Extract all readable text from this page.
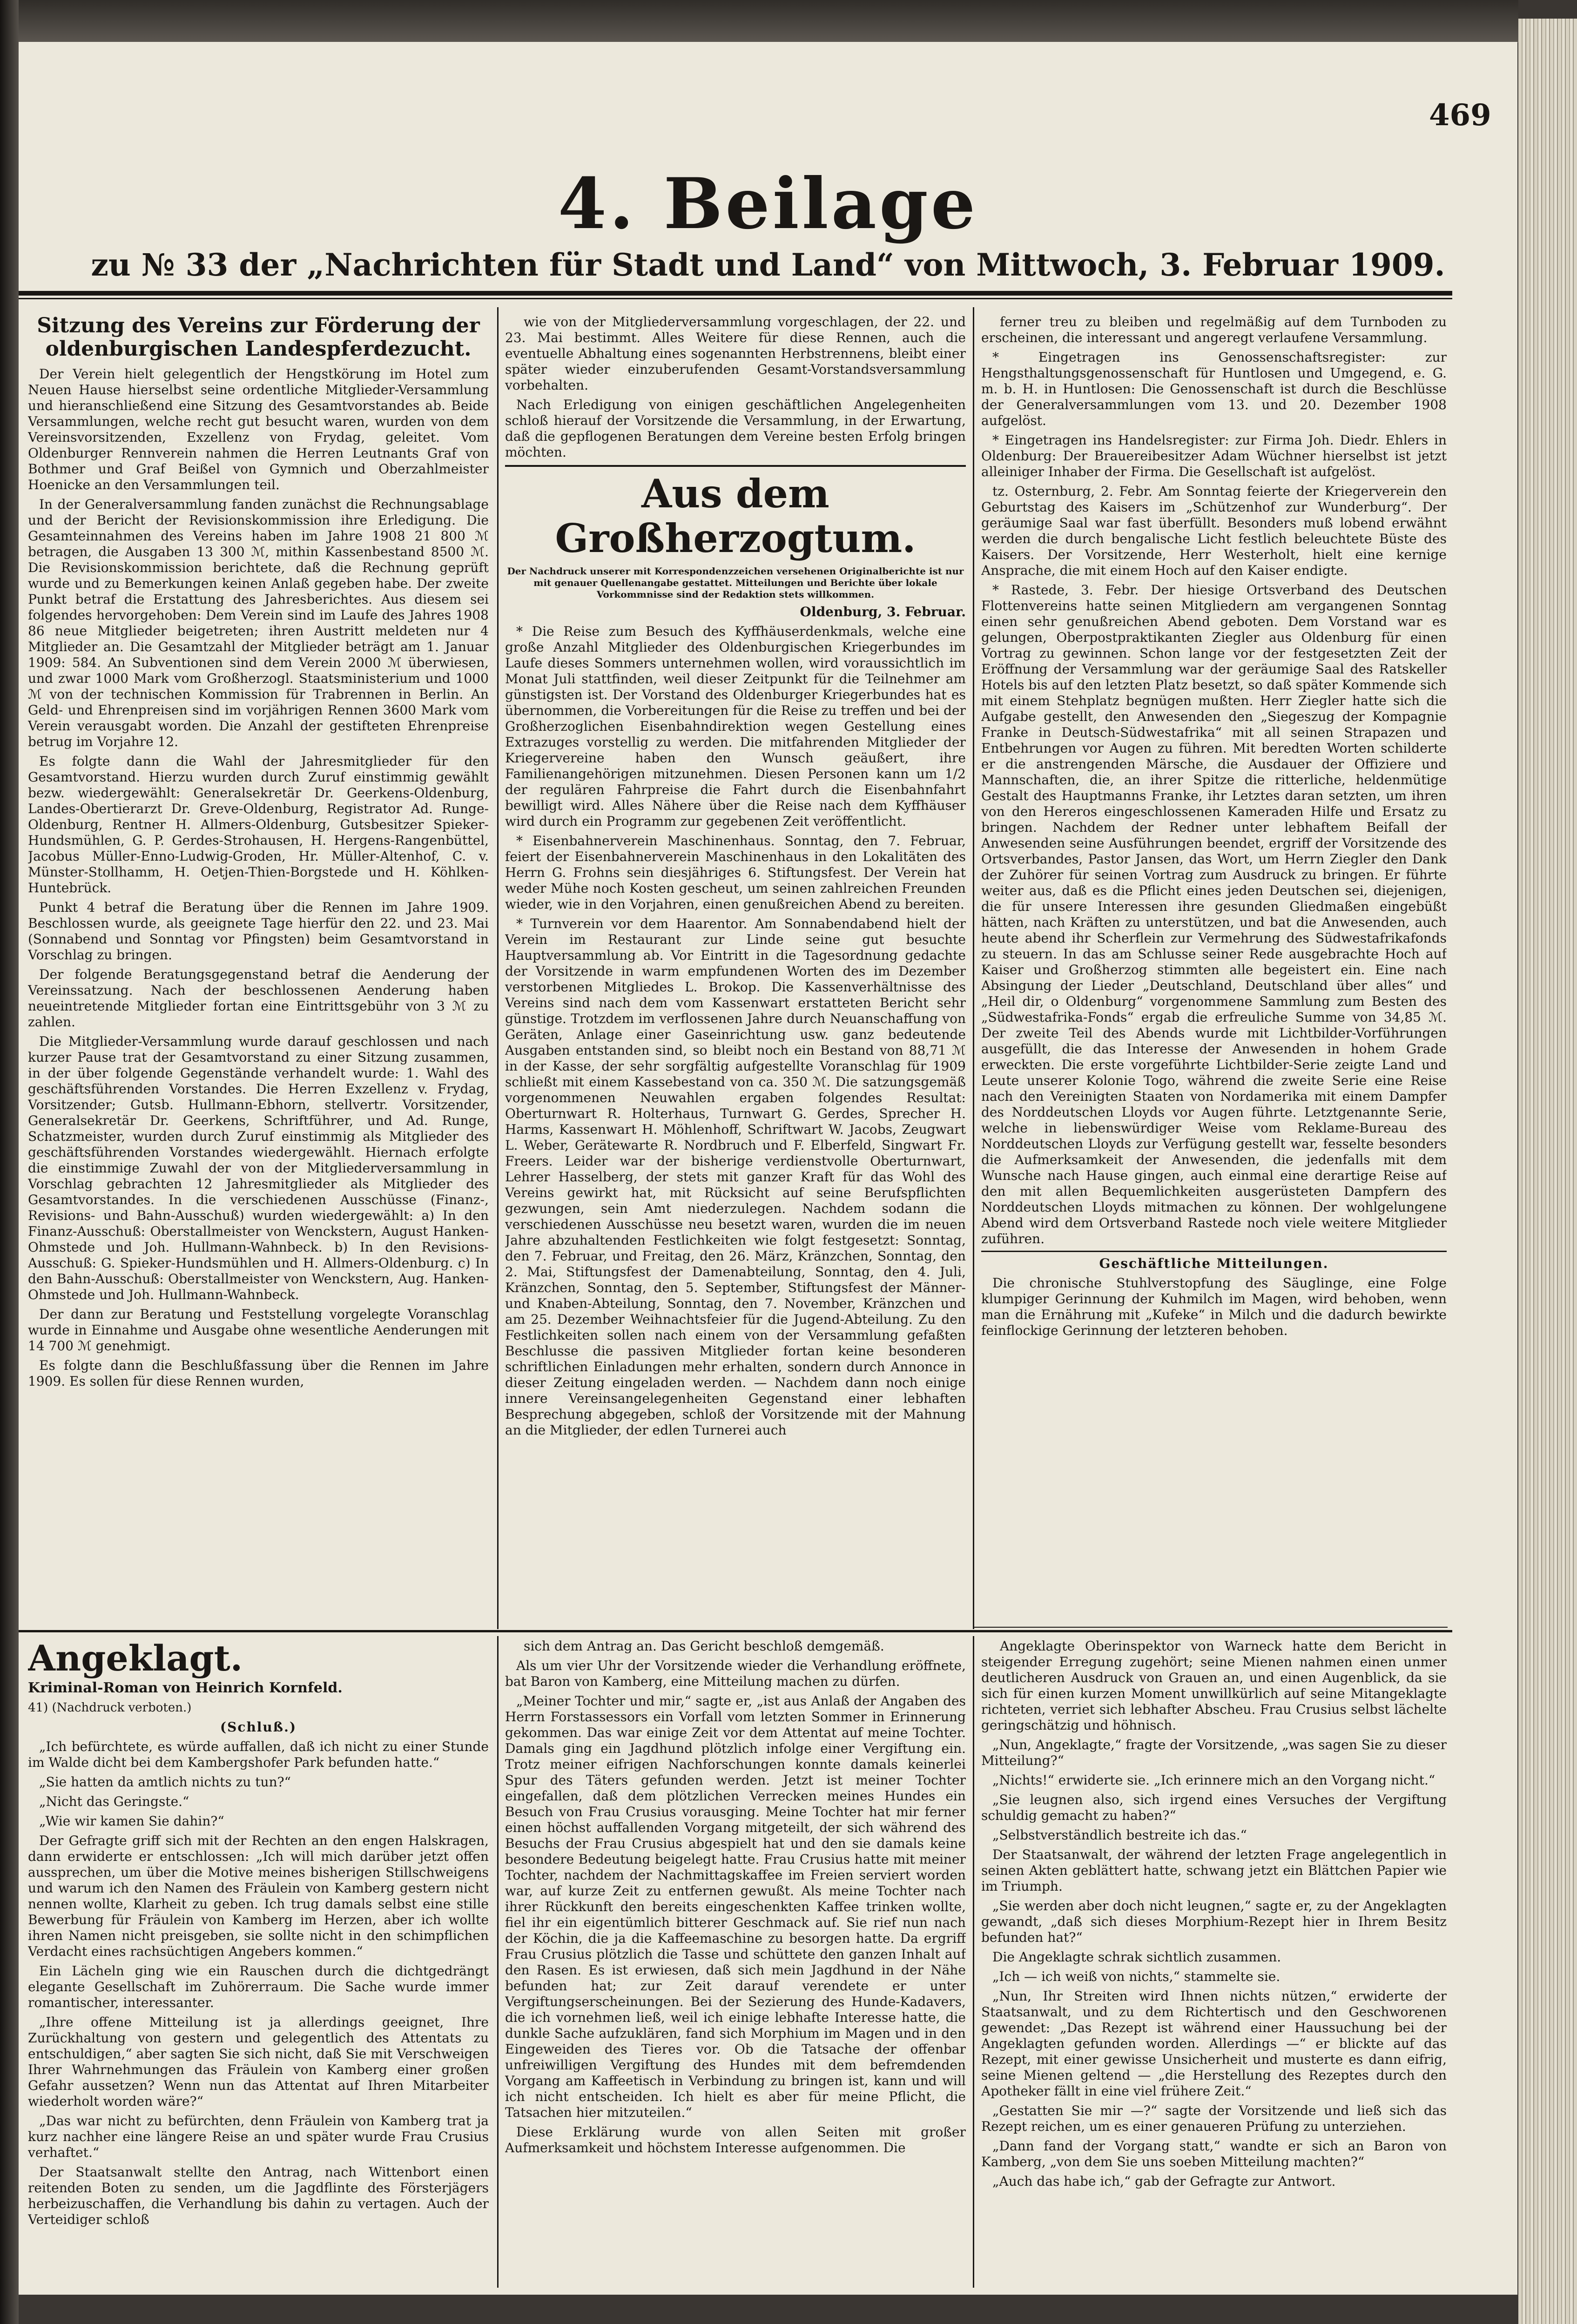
469
4. Beilage
zu № 33 der „Nachrichten für Stadt und Land“ von Mittwoch, 3. Februar 1909.

Sitzung des Vereins zur Förderung der oldenburgischen Landespferdezucht.

Der Verein hielt gelegentlich der Hengstkörung im Hotel zum Neuen Hause hierselbst seine ordentliche Mitglieder-Versammlung und hieranschließend eine Sitzung des Gesamtvorstandes ab. Beide Versammlungen, welche recht gut besucht waren, wurden von dem Vereinsvorsitzenden, Exzellenz von Frydag, geleitet. Vom Oldenburger Rennverein nahmen die Herren Leutnants Graf von Bothmer und Graf Beißel von Gymnich und Oberzahlmeister Hoenicke an den Versammlungen teil.

In der Generalversammlung fanden zunächst die Rechnungsablage und der Bericht der Revisionskommission ihre Erledigung. Die Gesamteinnahmen des Vereins haben im Jahre 1908 21 800 ℳ betragen, die Ausgaben 13 300 ℳ, mithin Kassenbestand 8500 ℳ. Die Revisionskommission berichtete, daß die Rechnung geprüft wurde und zu Bemerkungen keinen Anlaß gegeben habe. Der zweite Punkt betraf die Erstattung des Jahresberichtes. Aus diesem sei folgendes hervorgehoben: Dem Verein sind im Laufe des Jahres 1908 86 neue Mitglieder beigetreten; ihren Austritt meldeten nur 4 Mitglieder an. Die Gesamtzahl der Mitglieder beträgt am 1. Januar 1909: 584. An Subventionen sind dem Verein 2000 ℳ überwiesen, und zwar 1000 Mark vom Großherzogl. Staatsministerium und 1000 ℳ von der technischen Kommission für Trabrennen in Berlin. An Geld- und Ehrenpreisen sind im vorjährigen Rennen 3600 Mark vom Verein verausgabt worden. Die Anzahl der gestifteten Ehrenpreise betrug im Vorjahre 12.

Es folgte dann die Wahl der Jahresmitglieder für den Gesamtvorstand. Hierzu wurden durch Zuruf einstimmig gewählt bezw. wiedergewählt: Generalsekretär Dr. Geerkens-Oldenburg, Landes-Obertierarzt Dr. Greve-Oldenburg, Registrator Ad. Runge-Oldenburg, Rentner H. Allmers-Oldenburg, Gutsbesitzer Spieker-Hundsmühlen, G. P. Gerdes-Strohausen, H. Hergens-Rangenbüttel, Jacobus Müller-Enno-Ludwig-Groden, Hr. Müller-Altenhof, C. v. Münster-Stollhamm, H. Oetjen-Thien-Borgstede und H. Köhlken-Huntebrück.

Punkt 4 betraf die Beratung über die Rennen im Jahre 1909. Beschlossen wurde, als geeignete Tage hierfür den 22. und 23. Mai (Sonnabend und Sonntag vor Pfingsten) beim Gesamtvorstand in Vorschlag zu bringen.

Der folgende Beratungsgegenstand betraf die Aenderung der Vereinssatzung. Nach der beschlossenen Aenderung haben neueintretende Mitglieder fortan eine Eintrittsgebühr von 3 ℳ zu zahlen.

Die Mitglieder-Versammlung wurde darauf geschlossen und nach kurzer Pause trat der Gesamtvorstand zu einer Sitzung zusammen, in der über folgende Gegenstände verhandelt wurde: 1. Wahl des geschäftsführenden Vorstandes. Die Herren Exzellenz v. Frydag, Vorsitzender; Gutsb. Hullmann-Ebhorn, stellvertr. Vorsitzender, Generalsekretär Dr. Geerkens, Schriftführer, und Ad. Runge, Schatzmeister, wurden durch Zuruf einstimmig als Mitglieder des geschäftsführenden Vorstandes wiedergewählt. Hiernach erfolgte die einstimmige Zuwahl der von der Mitgliederversammlung in Vorschlag gebrachten 12 Jahresmitglieder als Mitglieder des Gesamtvorstandes. In die verschiedenen Ausschüsse (Finanz-, Revisions- und Bahn-Ausschuß) wurden wiedergewählt: a) In den Finanz-Ausschuß: Oberstallmeister von Wenckstern, August Hanken-Ohmstede und Joh. Hullmann-Wahnbeck. b) In den Revisions-Ausschuß: G. Spieker-Hundsmühlen und H. Allmers-Oldenburg. c) In den Bahn-Ausschuß: Oberstallmeister von Wenckstern, Aug. Hanken-Ohmstede und Joh. Hullmann-Wahnbeck.

Der dann zur Beratung und Feststellung vorgelegte Voranschlag wurde in Einnahme und Ausgabe ohne wesentliche Aenderungen mit 14 700 ℳ genehmigt.

Es folgte dann die Beschlußfassung über die Rennen im Jahre 1909. Es sollen für diese Rennen wurden,

wie von der Mitgliederversammlung vorgeschlagen, der 22. und 23. Mai bestimmt. Alles Weitere für diese Rennen, auch die eventuelle Abhaltung eines sogenannten Herbstrennens, bleibt einer später wieder einzuberufenden Gesamt-Vorstandsversammlung vorbehalten.

Nach Erledigung von einigen geschäftlichen Angelegenheiten schloß hierauf der Vorsitzende die Versammlung, in der Erwartung, daß die gepflogenen Beratungen dem Vereine besten Erfolg bringen möchten.

Aus dem Großherzogtum.

Der Nachdruck unserer mit Korrespondenzzeichen versehenen Originalberichte ist nur mit genauer Quellenangabe gestattet. Mitteilungen und Berichte über lokale Vorkommnisse sind der Redaktion stets willkommen.

Oldenburg, 3. Februar.

* Die Reise zum Besuch des Kyffhäuserdenkmals, welche eine große Anzahl Mitglieder des Oldenburgischen Kriegerbundes im Laufe dieses Sommers unternehmen wollen, wird voraussichtlich im Monat Juli stattfinden, weil dieser Zeitpunkt für die Teilnehmer am günstigsten ist. Der Vorstand des Oldenburger Kriegerbundes hat es übernommen, die Vorbereitungen für die Reise zu treffen und bei der Großherzoglichen Eisenbahndirektion wegen Gestellung eines Extrazuges vorstellig zu werden. Die mitfahrenden Mitglieder der Kriegervereine haben den Wunsch geäußert, ihre Familienangehörigen mitzunehmen. Diesen Personen kann um 1/2 der regulären Fahrpreise die Fahrt durch die Eisenbahnfahrt bewilligt wird. Alles Nähere über die Reise nach dem Kyffhäuser wird durch ein Programm zur gegebenen Zeit veröffentlicht.

* Eisenbahnerverein Maschinenhaus. Sonntag, den 7. Februar, feiert der Eisenbahnerverein Maschinenhaus in den Lokalitäten des Herrn G. Frohns sein diesjähriges 6. Stiftungsfest. Der Verein hat weder Mühe noch Kosten gescheut, um seinen zahlreichen Freunden wieder, wie in den Vorjahren, einen genußreichen Abend zu bereiten.

* Turnverein vor dem Haarentor. Am Sonnabendabend hielt der Verein im Restaurant zur Linde seine gut besuchte Hauptversammlung ab. Vor Eintritt in die Tagesordnung gedachte der Vorsitzende in warm empfundenen Worten des im Dezember verstorbenen Mitgliedes L. Brokop. Die Kassenverhältnisse des Vereins sind nach dem vom Kassenwart erstatteten Bericht sehr günstige. Trotzdem im verflossenen Jahre durch Neuanschaffung von Geräten, Anlage einer Gaseinrichtung usw. ganz bedeutende Ausgaben entstanden sind, so bleibt noch ein Bestand von 88,71 ℳ in der Kasse, der sehr sorgfältig aufgestellte Voranschlag für 1909 schließt mit einem Kassebestand von ca. 350 ℳ. Die satzungsgemäß vorgenommenen Neuwahlen ergaben folgendes Resultat: Oberturnwart R. Holterhaus, Turnwart G. Gerdes, Sprecher H. Harms, Kassenwart H. Möhlenhoff, Schriftwart W. Jacobs, Zeugwart L. Weber, Gerätewarte R. Nordbruch und F. Elberfeld, Singwart Fr. Freers. Leider war der bisherige verdienstvolle Oberturnwart, Lehrer Hasselberg, der stets mit ganzer Kraft für das Wohl des Vereins gewirkt hat, mit Rücksicht auf seine Berufspflichten gezwungen, sein Amt niederzulegen. Nachdem sodann die verschiedenen Ausschüsse neu besetzt waren, wurden die im neuen Jahre abzuhaltenden Festlichkeiten wie folgt festgesetzt: Sonntag, den 7. Februar, und Freitag, den 26. März, Kränzchen, Sonntag, den 2. Mai, Stiftungsfest der Damenabteilung, Sonntag, den 4. Juli, Kränzchen, Sonntag, den 5. September, Stiftungsfest der Männer- und Knaben-Abteilung, Sonntag, den 7. November, Kränzchen und am 25. Dezember Weihnachtsfeier für die Jugend-Abteilung. Zu den Festlichkeiten sollen nach einem von der Versammlung gefaßten Beschlusse die passiven Mitglieder fortan keine besonderen schriftlichen Einladungen mehr erhalten, sondern durch Annonce in dieser Zeitung eingeladen werden. — Nachdem dann noch einige innere Vereinsangelegenheiten Gegenstand einer lebhaften Besprechung abgegeben, schloß der Vorsitzende mit der Mahnung an die Mitglieder, der edlen Turnerei auch

ferner treu zu bleiben und regelmäßig auf dem Turnboden zu erscheinen, die interessant und angeregt verlaufene Versammlung.

* Eingetragen ins Genossenschaftsregister: zur Hengsthaltungsgenossenschaft für Huntlosen und Umgegend, e. G. m. b. H. in Huntlosen: Die Genossenschaft ist durch die Beschlüsse der Generalversammlungen vom 13. und 20. Dezember 1908 aufgelöst.

* Eingetragen ins Handelsregister: zur Firma Joh. Diedr. Ehlers in Oldenburg: Der Brauereibesitzer Adam Wüchner hierselbst ist jetzt alleiniger Inhaber der Firma. Die Gesellschaft ist aufgelöst.

tz. Osternburg, 2. Febr. Am Sonntag feierte der Kriegerverein den Geburtstag des Kaisers im „Schützenhof zur Wunderburg“. Der geräumige Saal war fast überfüllt. Besonders muß lobend erwähnt werden die durch bengalische Licht festlich beleuchtete Büste des Kaisers. Der Vorsitzende, Herr Westerholt, hielt eine kernige Ansprache, die mit einem Hoch auf den Kaiser endigte.

* Rastede, 3. Febr. Der hiesige Ortsverband des Deutschen Flottenvereins hatte seinen Mitgliedern am vergangenen Sonntag einen sehr genußreichen Abend geboten. Dem Vorstand war es gelungen, Oberpostpraktikanten Ziegler aus Oldenburg für einen Vortrag zu gewinnen. Schon lange vor der festgesetzten Zeit der Eröffnung der Versammlung war der geräumige Saal des Ratskeller Hotels bis auf den letzten Platz besetzt, so daß später Kommende sich mit einem Stehplatz begnügen mußten. Herr Ziegler hatte sich die Aufgabe gestellt, den Anwesenden den „Siegeszug der Kompagnie Franke in Deutsch-Südwestafrika“ mit all seinen Strapazen und Entbehrungen vor Augen zu führen. Mit beredten Worten schilderte er die anstrengenden Märsche, die Ausdauer der Offiziere und Mannschaften, die, an ihrer Spitze die ritterliche, heldenmütige Gestalt des Hauptmanns Franke, ihr Letztes daran setzten, um ihren von den Hereros eingeschlossenen Kameraden Hilfe und Ersatz zu bringen. Nachdem der Redner unter lebhaftem Beifall der Anwesenden seine Ausführungen beendet, ergriff der Vorsitzende des Ortsverbandes, Pastor Jansen, das Wort, um Herrn Ziegler den Dank der Zuhörer für seinen Vortrag zum Ausdruck zu bringen. Er führte weiter aus, daß es die Pflicht eines jeden Deutschen sei, diejenigen, die für unsere Interessen ihre gesunden Gliedmaßen eingebüßt hätten, nach Kräften zu unterstützen, und bat die Anwesenden, auch heute abend ihr Scherflein zur Vermehrung des Südwestafrikafonds zu steuern. In das am Schlusse seiner Rede ausgebrachte Hoch auf Kaiser und Großherzog stimmten alle begeistert ein. Eine nach Absingung der Lieder „Deutschland, Deutschland über alles“ und „Heil dir, o Oldenburg“ vorgenommene Sammlung zum Besten des „Südwestafrika-Fonds“ ergab die erfreuliche Summe von 34,85 ℳ. Der zweite Teil des Abends wurde mit Lichtbilder-Vorführungen ausgefüllt, die das Interesse der Anwesenden in hohem Grade erweckten. Die erste vorgeführte Lichtbilder-Serie zeigte Land und Leute unserer Kolonie Togo, während die zweite Serie eine Reise nach den Vereinigten Staaten von Nordamerika mit einem Dampfer des Norddeutschen Lloyds vor Augen führte. Letztgenannte Serie, welche in liebenswürdiger Weise vom Reklame-Bureau des Norddeutschen Lloyds zur Verfügung gestellt war, fesselte besonders die Aufmerksamkeit der Anwesenden, die jedenfalls mit dem Wunsche nach Hause gingen, auch einmal eine derartige Reise auf den mit allen Bequemlichkeiten ausgerüsteten Dampfern des Norddeutschen Lloyds mitmachen zu können. Der wohlgelungene Abend wird dem Ortsverband Rastede noch viele weitere Mitglieder zuführen.

Geschäftliche Mitteilungen.

Die chronische Stuhlverstopfung des Säuglinge, eine Folge klumpiger Gerinnung der Kuhmilch im Magen, wird behoben, wenn man die Ernährung mit „Kufeke“ in Milch und die dadurch bewirkte feinflockige Gerinnung der letzteren behoben.

Angeklagt.

Kriminal-Roman von Heinrich Kornfeld.

41) (Nachdruck verboten.)

(Schluß.)

„Ich befürchtete, es würde auffallen, daß ich nicht zu einer Stunde im Walde dicht bei dem Kambergshofer Park befunden hatte.“

„Sie hatten da amtlich nichts zu tun?“

„Nicht das Geringste.“

„Wie wir kamen Sie dahin?“

Der Gefragte griff sich mit der Rechten an den engen Halskragen, dann erwiderte er entschlossen: „Ich will mich darüber jetzt offen aussprechen, um über die Motive meines bisherigen Stillschweigens und warum ich den Namen des Fräulein von Kamberg gestern nicht nennen wollte, Klarheit zu geben. Ich trug damals selbst eine stille Bewerbung für Fräulein von Kamberg im Herzen, aber ich wollte ihren Namen nicht preisgeben, sie sollte nicht in den schimpflichen Verdacht eines rachsüchtigen Angebers kommen.“

Ein Lächeln ging wie ein Rauschen durch die dichtgedrängt elegante Gesellschaft im Zuhörerraum. Die Sache wurde immer romantischer, interessanter.

„Ihre offene Mitteilung ist ja allerdings geeignet, Ihre Zurückhaltung von gestern und gelegentlich des Attentats zu entschuldigen,“ aber sagten Sie sich nicht, daß Sie mit Verschweigen Ihrer Wahrnehmungen das Fräulein von Kamberg einer großen Gefahr aussetzen? Wenn nun das Attentat auf Ihren Mitarbeiter wiederholt worden wäre?“

„Das war nicht zu befürchten, denn Fräulein von Kamberg trat ja kurz nachher eine längere Reise an und später wurde Frau Crusius verhaftet.“

Der Staatsanwalt stellte den Antrag, nach Wittenbort einen reitenden Boten zu senden, um die Jagdflinte des Försterjägers herbeizuschaffen, die Verhandlung bis dahin zu vertagen. Auch der Verteidiger schloß

sich dem Antrag an. Das Gericht beschloß demgemäß.

Als um vier Uhr der Vorsitzende wieder die Verhandlung eröffnete, bat Baron von Kamberg, eine Mitteilung machen zu dürfen.

„Meiner Tochter und mir,“ sagte er, „ist aus Anlaß der Angaben des Herrn Forstassessors ein Vorfall vom letzten Sommer in Erinnerung gekommen. Das war einige Zeit vor dem Attentat auf meine Tochter. Damals ging ein Jagdhund plötzlich infolge einer Vergiftung ein. Trotz meiner eifrigen Nachforschungen konnte damals keinerlei Spur des Täters gefunden werden. Jetzt ist meiner Tochter eingefallen, daß dem plötzlichen Verrecken meines Hundes ein Besuch von Frau Crusius vorausging. Meine Tochter hat mir ferner einen höchst auffallenden Vorgang mitgeteilt, der sich während des Besuchs der Frau Crusius abgespielt hat und den sie damals keine besondere Bedeutung beigelegt hatte. Frau Crusius hatte mit meiner Tochter, nachdem der Nachmittagskaffee im Freien serviert worden war, auf kurze Zeit zu entfernen gewußt. Als meine Tochter nach ihrer Rückkunft den bereits eingeschenkten Kaffee trinken wollte, fiel ihr ein eigentümlich bitterer Geschmack auf. Sie rief nun nach der Köchin, die ja die Kaffeemaschine zu besorgen hatte. Da ergriff Frau Crusius plötzlich die Tasse und schüttete den ganzen Inhalt auf den Rasen. Es ist erwiesen, daß sich mein Jagdhund in der Nähe befunden hat; zur Zeit darauf verendete er unter Vergiftungserscheinungen. Bei der Sezierung des Hunde-Kadavers, die ich vornehmen ließ, weil ich einige lebhafte Interesse hatte, die dunkle Sache aufzuklären, fand sich Morphium im Magen und in den Eingeweiden des Tieres vor. Ob die Tatsache der offenbar unfreiwilligen Vergiftung des Hundes mit dem befremdenden Vorgang am Kaffeetisch in Verbindung zu bringen ist, kann und will ich nicht entscheiden. Ich hielt es aber für meine Pflicht, die Tatsachen hier mitzuteilen.“

Diese Erklärung wurde von allen Seiten mit großer Aufmerksamkeit und höchstem Interesse aufgenommen. Die

Angeklagte Oberinspektor von Warneck hatte dem Bericht in steigender Erregung zugehört; seine Mienen nahmen einen unmer deutlicheren Ausdruck von Grauen an, und einen Augenblick, da sie sich für einen kurzen Moment unwillkürlich auf seine Mitangeklagte richteten, verriet sich lebhafter Abscheu. Frau Crusius selbst lächelte geringschätzig und höhnisch.

„Nun, Angeklagte,“ fragte der Vorsitzende, „was sagen Sie zu dieser Mitteilung?“

„Nichts!“ erwiderte sie. „Ich erinnere mich an den Vorgang nicht.“

„Sie leugnen also, sich irgend eines Versuches der Vergiftung schuldig gemacht zu haben?“

„Selbstverständlich bestreite ich das.“

Der Staatsanwalt, der während der letzten Frage angelegentlich in seinen Akten geblättert hatte, schwang jetzt ein Blättchen Papier wie im Triumph.

„Sie werden aber doch nicht leugnen,“ sagte er, zu der Angeklagten gewandt, „daß sich dieses Morphium-Rezept hier in Ihrem Besitz befunden hat?“

Die Angeklagte schrak sichtlich zusammen.

„Ich — ich weiß von nichts,“ stammelte sie.

„Nun, Ihr Streiten wird Ihnen nichts nützen,“ erwiderte der Staatsanwalt, und zu dem Richtertisch und den Geschworenen gewendet: „Das Rezept ist während einer Haussuchung bei der Angeklagten gefunden worden. Allerdings —“ er blickte auf das Rezept, mit einer gewisse Unsicherheit und musterte es dann eifrig, seine Mienen geltend — „die Herstellung des Rezeptes durch den Apotheker fällt in eine viel frühere Zeit.“

„Gestatten Sie mir —?“ sagte der Vorsitzende und ließ sich das Rezept reichen, um es einer genaueren Prüfung zu unterziehen.

„Dann fand der Vorgang statt,“ wandte er sich an Baron von Kamberg, „von dem Sie uns soeben Mitteilung machten?“

„Auch das habe ich,“ gab der Gefragte zur Antwort.
